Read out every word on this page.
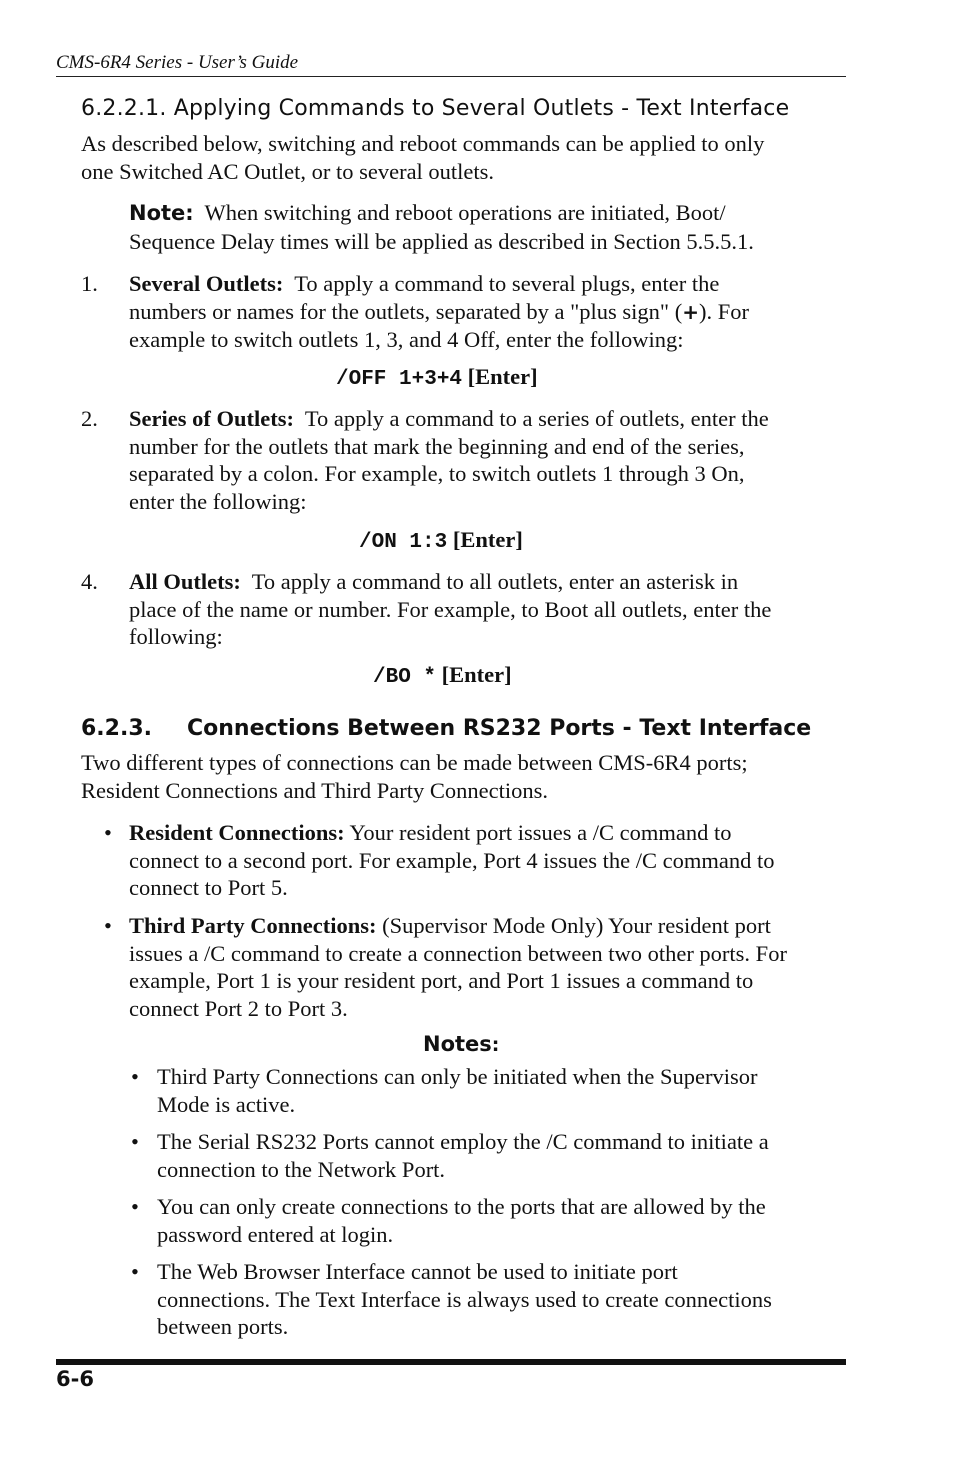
CMS-6R4 Series - User’s Guide
6.2.2.1. Applying Commands to Several Outlets - Text Interface
As described below, switching and reboot commands can be applied to only
one Switched AC Outlet, or to several outlets.
Note: When switching and reboot operations are initiated, Boot/
Sequence Delay times will be applied as described in Section 5.5.5.1.
1. Several Outlets: To apply a command to several plugs, enter the
numbers or names for the outlets, separated by a "plus sign" (+). For
example to switch outlets 1, 3, and 4 Off, enter the following:
/OFF 1+3+4 [Enter]
2. Series of Outlets: To apply a command to a series of outlets, enter the
number for the outlets that mark the beginning and end of the series,
separated by a colon. For example, to switch outlets 1 through 3 On,
enter the following:
/ON 1:3 [Enter]
4. All Outlets: To apply a command to all outlets, enter an asterisk in
place of the name or number. For example, to Boot all outlets, enter the
following:
/BO * [Enter]
6.2.3. Connections Between RS232 Ports - Text Interface
Two different types of connections can be made between CMS-6R4 ports;
Resident Connections and Third Party Connections.
• Resident Connections: Your resident port issues a /C command to
connect to a second port. For example, Port 4 issues the /C command to
connect to Port 5.
• Third Party Connections: (Supervisor Mode Only) Your resident port
issues a /C command to create a connection between two other ports. For
example, Port 1 is your resident port, and Port 1 issues a command to
connect Port 2 to Port 3.
Notes:
• Third Party Connections can only be initiated when the Supervisor
Mode is active.
• The Serial RS232 Ports cannot employ the /C command to initiate a
connection to the Network Port.
• You can only create connections to the ports that are allowed by the
password entered at login.
• The Web Browser Interface cannot be used to initiate port
connections. The Text Interface is always used to create connections
between ports.
6-6
